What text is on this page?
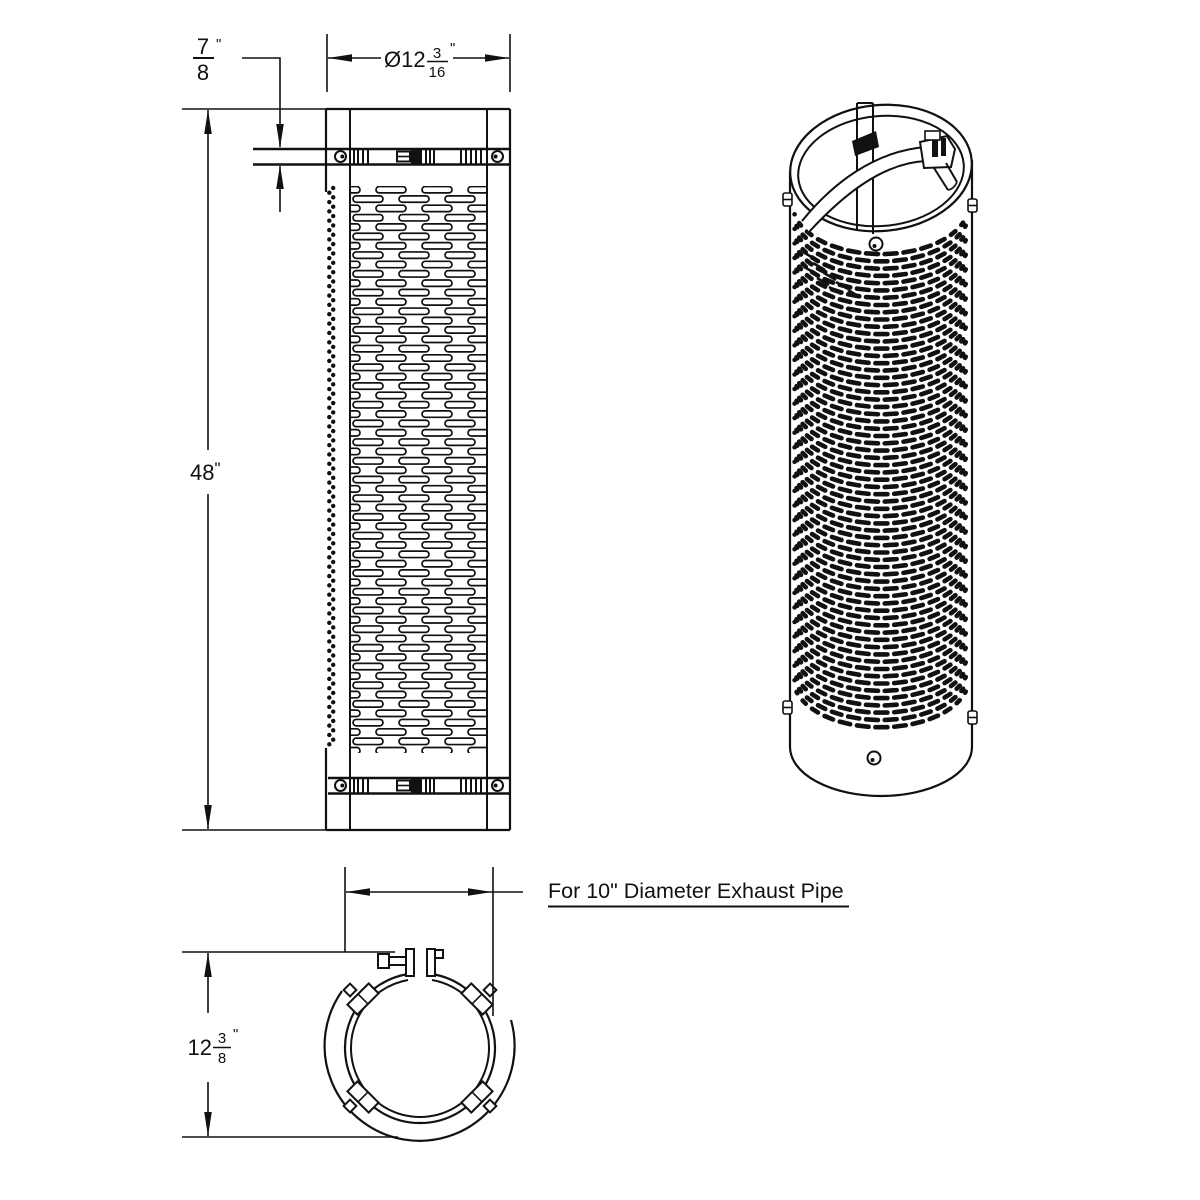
48"
7
8
"
Ø12 3
16
"
For 10" Diameter Exhaust Pipe
12 3
8
"
